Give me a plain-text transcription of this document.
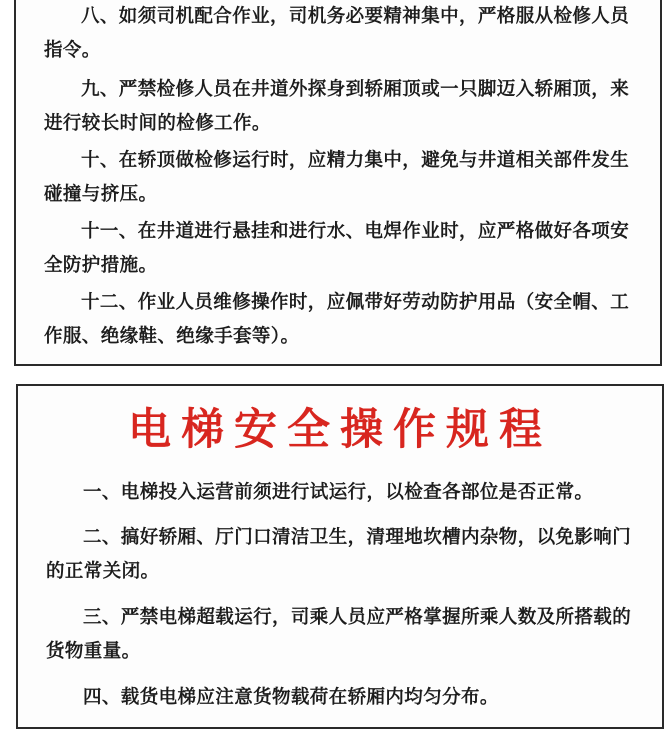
八、如须司机配合作业，司机务必要精神集中，严格服从检修人员指令。

九、严禁检修人员在井道外探身到轿厢顶或一只脚迈入轿厢顶，来进行较长时间的检修工作。

十、在轿顶做检修运行时，应精力集中，避免与井道相关部件发生碰撞与挤压。

十一、在井道进行悬挂和进行水、电焊作业时，应严格做好各项安全防护措施。

十二、作业人员维修操作时，应佩带好劳动防护用品（安全帽、工作服、绝缘鞋、绝缘手套等）。

电梯安全操作规程

一、电梯投入运营前须进行试运行，以检查各部位是否正常。

二、搞好轿厢、厅门口清洁卫生，清理地坎槽内杂物，以免影响门的正常关闭。

三、严禁电梯超载运行，司乘人员应严格掌握所乘人数及所搭载的货物重量。

四、载货电梯应注意货物载荷在轿厢内均匀分布。
